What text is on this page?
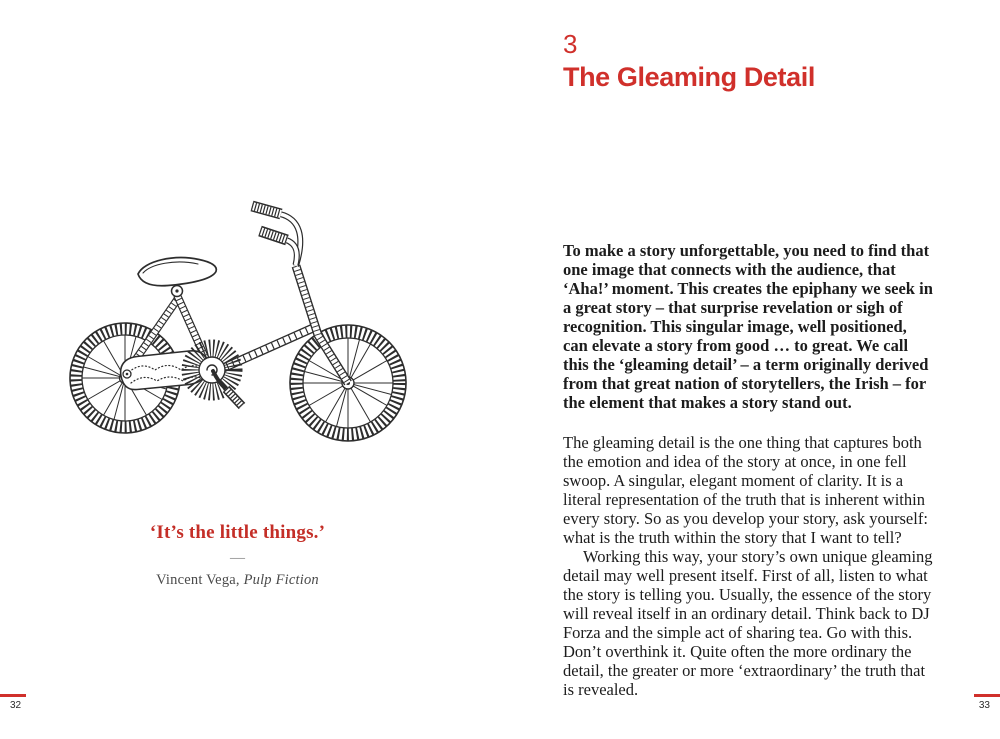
‘It’s the little things.’
—
Vincent Vega, Pulp Fiction
3
The Gleaming Detail

To make a story unforgettable, you need to find that one image that connects with the audience, that ‘Aha!’ moment. This creates the epiphany we seek in a great story – that surprise revelation or sigh of recognition. This singular image, well positioned, can elevate a story from good … to great. We call this the ‘gleaming detail’ – a term originally derived from that great nation of storytellers, the Irish – for the element that makes a story stand out.

The gleaming detail is the one thing that captures both the emotion and idea of the story at once, in one fell swoop. A singular, elegant moment of clarity. It is a literal representation of the truth that is inherent within every story. So as you develop your story, ask yourself: what is the truth within the story that I want to tell?

Working this way, your story’s own unique gleaming detail may well present itself. First of all, listen to what the story is telling you. Usually, the essence of the story will reveal itself in an ordinary detail. Think back to DJ Forza and the simple act of sharing tea. Go with this. Don’t overthink it. Quite often the more ordinary the detail, the greater or more ‘extraordinary’ the truth that is revealed.

32	33
